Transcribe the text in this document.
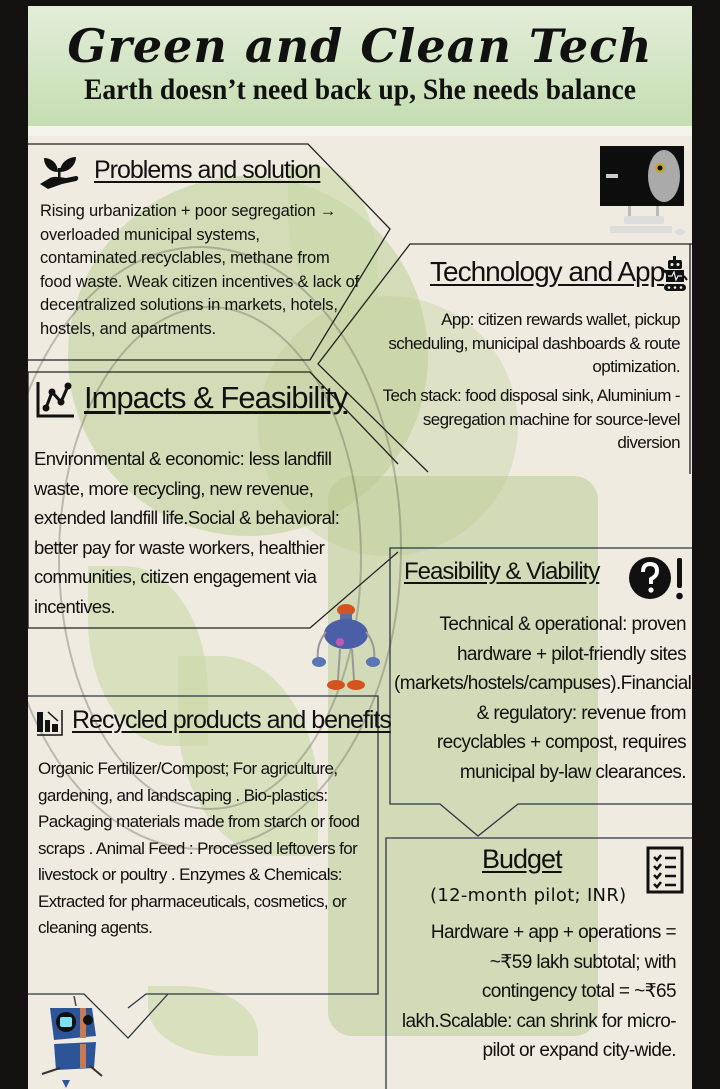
Green and Clean Tech
Earth doesn’t need back up, She needs balance
Problems and solution
Rising urbanization + poor segregation → overloaded municipal systems, contaminated recyclables, methane from food waste. Weak citizen incentives & lack of decentralized solutions in markets, hotels, hostels, and apartments.
Technology and App
App: citizen rewards wallet, pickup scheduling, municipal dashboards & route optimization.
Tech stack: food disposal sink, Aluminium - segregation machine for source-level diversion
Impacts & Feasibility
Environmental & economic: less landfill waste, more recycling, new revenue, extended landfill life.Social & behavioral: better pay for waste workers, healthier communities, citizen engagement via incentives.
Feasibility & Viability
Technical & operational: proven hardware + pilot-friendly sites (markets/hostels/campuses).Financial & regulatory: revenue from recyclables + compost, requires municipal by-law clearances.
Recycled products and benefits
Organic Fertilizer/Compost; For agriculture, gardening, and landscaping . Bio-plastics: Packaging materials made from starch or food scraps . Animal Feed : Processed leftovers for livestock or poultry . Enzymes & Chemicals: Extracted for pharmaceuticals, cosmetics, or cleaning agents.
Budget
(12-month pilot; INR)
Hardware + app + operations = ~₹59 lakh subtotal; with contingency total = ~₹65 lakh.Scalable: can shrink for micro-pilot or expand city-wide.
